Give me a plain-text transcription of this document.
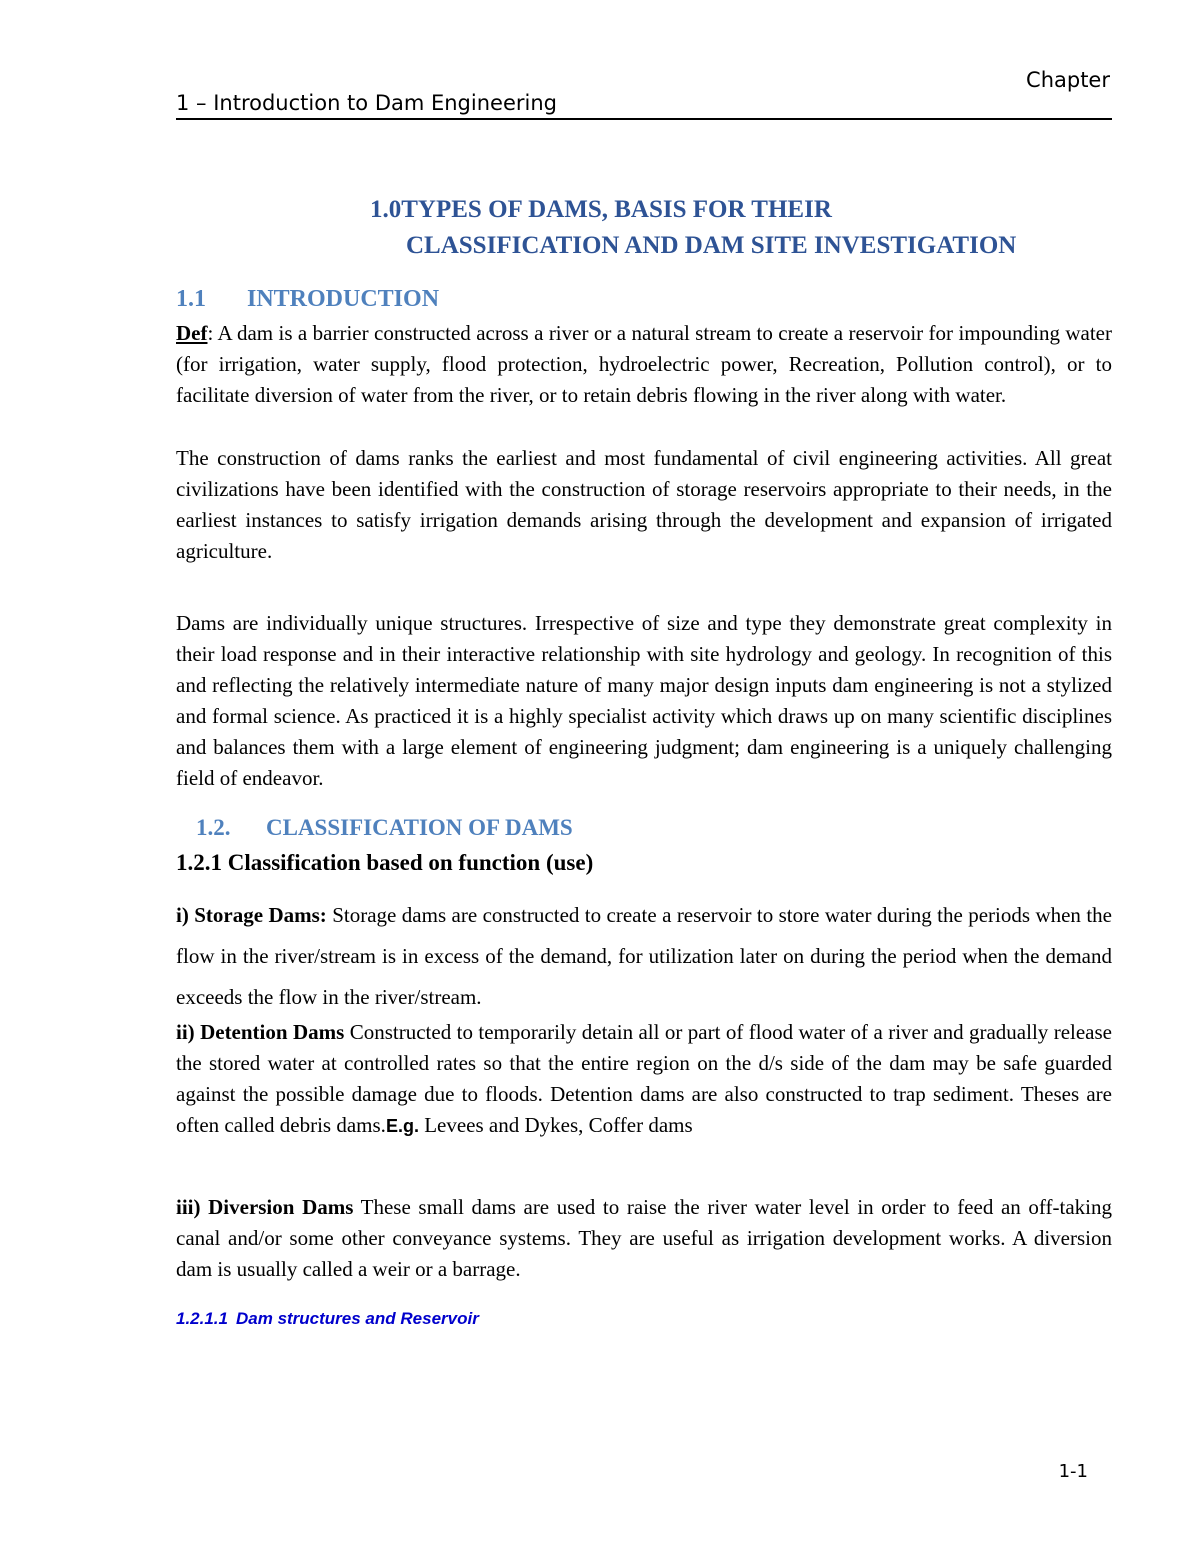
Chapter
1 – Introduction to Dam Engineering
1.0TYPES OF DAMS, BASIS FOR THEIR
CLASSIFICATION AND DAM SITE INVESTIGATION
1.1 INTRODUCTION

Def: A dam is a barrier constructed across a river or a natural stream to create a reservoir for impounding water (for irrigation, water supply, flood protection, hydroelectric power, Recreation, Pollution control), or to facilitate diversion of water from the river, or to retain debris flowing in the river along with water.

The construction of dams ranks the earliest and most fundamental of civil engineering activities. All great civilizations have been identified with the construction of storage reservoirs appropriate to their needs, in the earliest instances to satisfy irrigation demands arising through the development and expansion of irrigated agriculture.

Dams are individually unique structures. Irrespective of size and type they demonstrate great complexity in their load response and in their interactive relationship with site hydrology and geology. In recognition of this and reflecting the relatively intermediate nature of many major design inputs dam engineering is not a stylized and formal science. As practiced it is a highly specialist activity which draws up on many scientific disciplines and balances them with a large element of engineering judgment; dam engineering is a uniquely challenging field of endeavor.

1.2. CLASSIFICATION OF DAMS
1.2.1 Classification based on function (use)

i) Storage Dams: Storage dams are constructed to create a reservoir to store water during the periods when the flow in the river/stream is in excess of the demand, for utilization later on during the period when the demand exceeds the flow in the river/stream.

ii) Detention Dams Constructed to temporarily detain all or part of flood water of a river and gradually release the stored water at controlled rates so that the entire region on the d/s side of the dam may be safe guarded against the possible damage due to floods. Detention dams are also constructed to trap sediment. Theses are often called debris dams.E.g. Levees and Dykes, Coffer dams

iii) Diversion Dams These small dams are used to raise the river water level in order to feed an off-taking canal and/or some other conveyance systems. They are useful as irrigation development works. A diversion dam is usually called a weir or a barrage.

1.2.1.1 Dam structures and Reservoir
1-1
